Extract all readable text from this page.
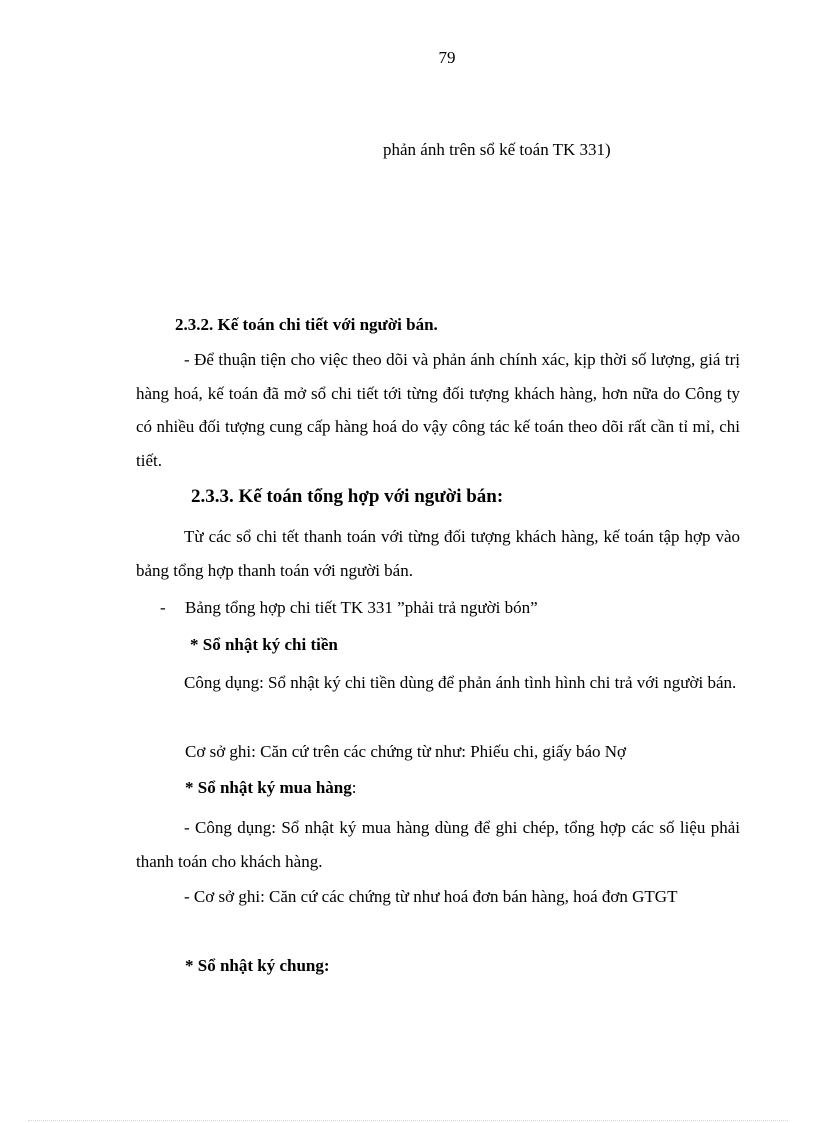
79
phản ánh trên sổ kế toán TK 331)
2.3.2. Kế toán chi tiết với người bán.
- Để thuận tiện cho việc theo dõi và phản ánh chính xác, kịp thời số lượng, giá trị hàng hoá, kế toán đã mở sổ chi tiết tới từng đối tượng khách hàng, hơn nữa do Công ty có nhiều đối tượng cung cấp hàng hoá do vậy công tác kế toán theo dõi rất cần tỉ mỉ, chi tiết.
2.3.3. Kế toán tổng hợp với người bán:
Từ các sổ chi tết thanh toán với từng đối tượng khách hàng, kế toán tập hợp vào bảng tổng hợp thanh toán với người bán.
- Bảng tổng hợp chi tiết TK 331 ”phải trả người bón”
* Sổ nhật ký chi tiền
Công dụng: Sổ nhật ký chi tiền dùng để phản ánh tình hình chi trả với người bán.
Cơ sở ghi: Căn cứ trên các chứng từ như: Phiếu chi, giấy báo Nợ
* Sổ nhật ký mua hàng:
- Công dụng: Sổ nhật ký mua hàng dùng để ghi chép, tổng hợp các số liệu phải thanh toán cho khách hàng.
- Cơ sở ghi: Căn cứ các chứng từ như hoá đơn bán hàng, hoá đơn GTGT
* Sổ nhật ký chung:
